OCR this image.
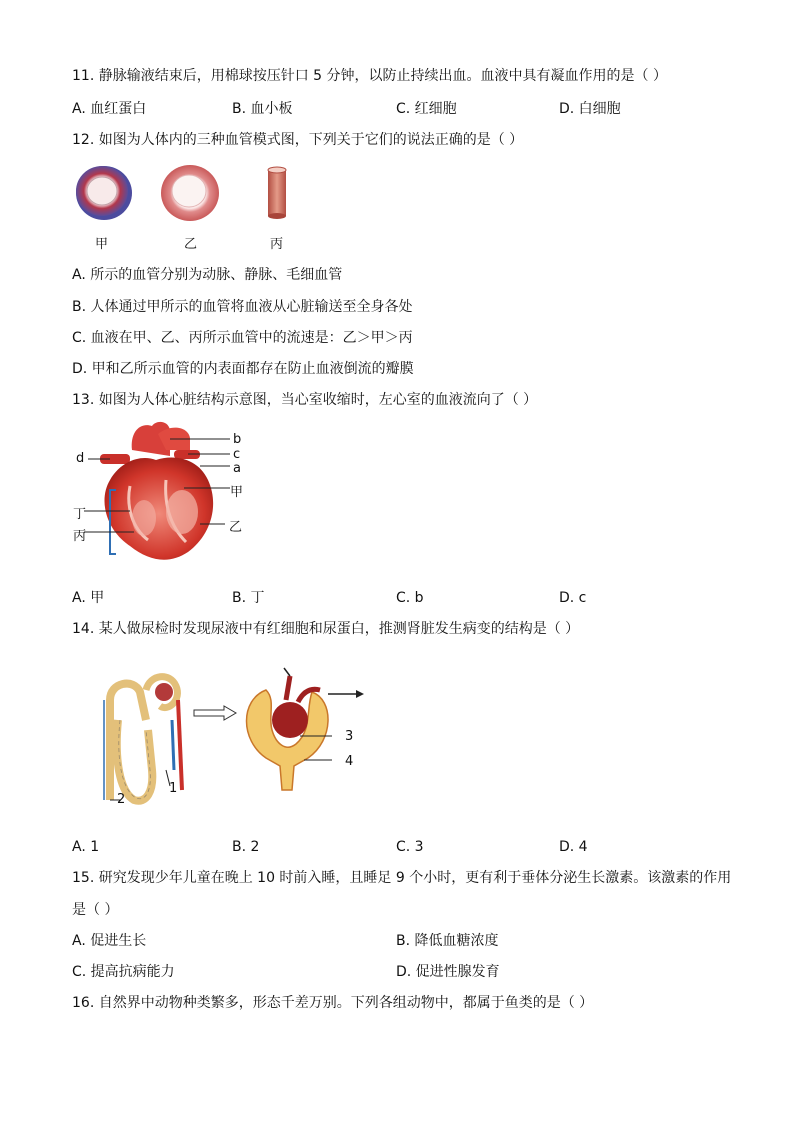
11. 静脉输液结束后，用棉球按压针口 5 分钟，以防止持续出血。血液中具有凝血作用的是（ ）
A. 血红蛋白	B. 血小板	C. 红细胞	D. 白细胞
12. 如图为人体内的三种血管模式图，下列关于它们的说法正确的是（ ）
甲	乙	丙
A. 所示的血管分别为动脉、静脉、毛细血管
B. 人体通过甲所示的血管将血液从心脏输送至全身各处
C. 血液在甲、乙、丙所示血管中的流速是：乙＞甲＞丙
D. 甲和乙所示血管的内表面都存在防止血液倒流的瓣膜
13. 如图为人体心脏结构示意图，当心室收缩时，左心室的血液流向了（ ）
b
c
a
d
甲
丁
乙
丙
A. 甲	B. 丁	C. b	D. c
14. 某人做尿检时发现尿液中有红细胞和尿蛋白，推测肾脏发生病变的结构是（ ）
1
2
3
4
A. 1	B. 2	C. 3	D. 4
15. 研究发现少年儿童在晚上 10 时前入睡，且睡足 9 个小时，更有利于垂体分泌生长激素。该激素的作用
是（ ）
A. 促进生长	B. 降低血糖浓度
C. 提高抗病能力	D. 促进性腺发育
16. 自然界中动物种类繁多，形态千差万别。下列各组动物中，都属于鱼类的是（ ）
